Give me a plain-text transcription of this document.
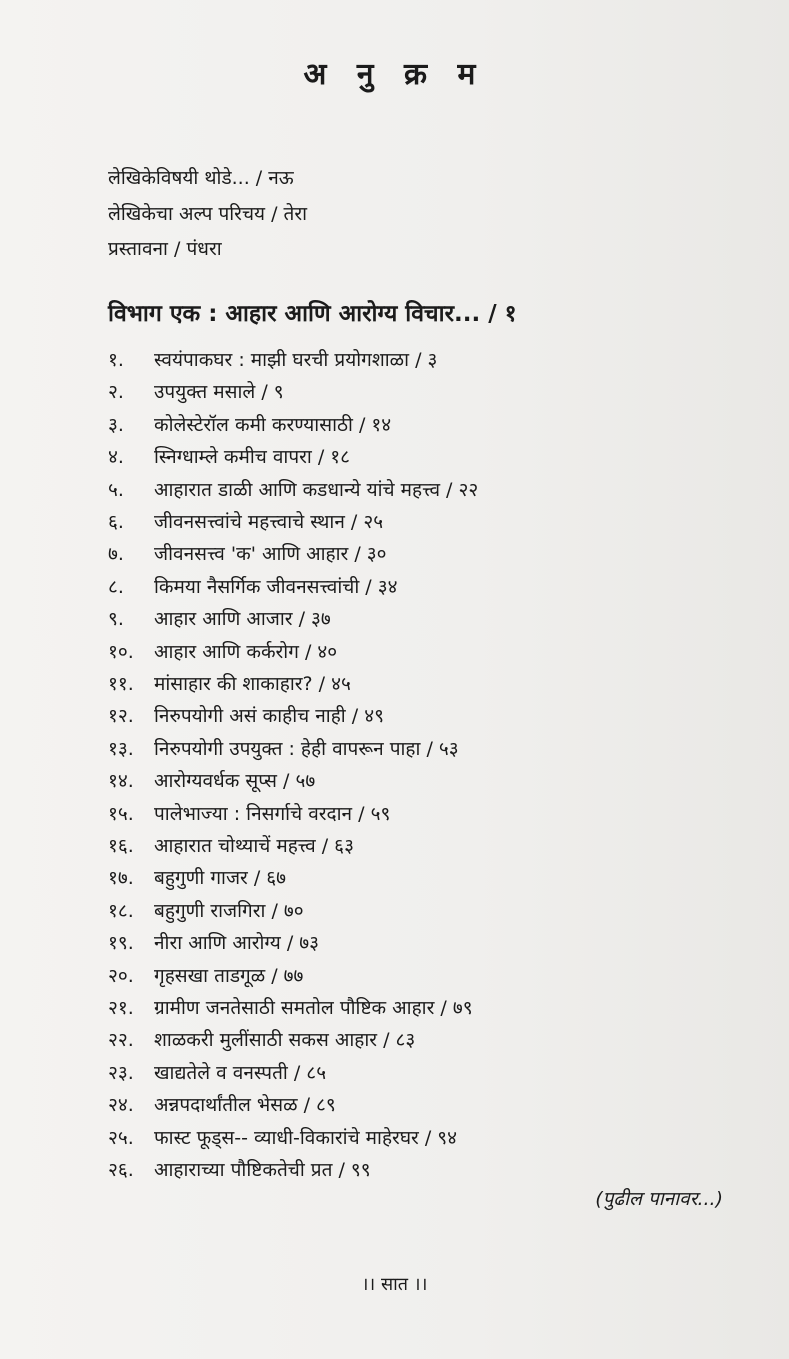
अ नु क्र म
लेखिकेविषयी थोडे... / नऊ
लेखिकेचा अल्प परिचय / तेरा
प्रस्तावना / पंधरा
विभाग एक : आहार आणि आरोग्य विचार... / १
१.	स्वयंपाकघर : माझी घरची प्रयोगशाळा / ३
२.	उपयुक्त मसाले / ९
३.	कोलेस्टेरॉल कमी करण्यासाठी / १४
४.	स्निग्धाम्ले कमीच वापरा / १८
५.	आहारात डाळी आणि कडधान्ये यांचे महत्त्व / २२
६.	जीवनसत्त्वांचे महत्त्वाचे स्थान / २५
७.	जीवनसत्त्व 'क' आणि आहार / ३०
८.	किमया नैसर्गिक जीवनसत्त्वांची / ३४
९.	आहार आणि आजार / ३७
१०.	आहार आणि कर्करोग / ४०
११.	मांसाहार की शाकाहार? / ४५
१२.	निरुपयोगी असं काहीच नाही / ४९
१३.	निरुपयोगी उपयुक्त : हेही वापरून पाहा / ५३
१४.	आरोग्यवर्धक सूप्स / ५७
१५.	पालेभाज्या : निसर्गाचे वरदान / ५९
१६.	आहारात चोथ्याचें महत्त्व / ६३
१७.	बहुगुणी गाजर / ६७
१८.	बहुगुणी राजगिरा / ७०
१९.	नीरा आणि आरोग्य / ७३
२०.	गृहसखा ताडगूळ / ७७
२१.	ग्रामीण जनतेसाठी समतोल पौष्टिक आहार / ७९
२२.	शाळकरी मुलींसाठी सकस आहार / ८३
२३.	खाद्यतेले व वनस्पती / ८५
२४.	अन्नपदार्थांतील भेसळ / ८९
२५.	फास्ट फूड्स-- व्याधी-विकारांचे माहेरघर / ९४
२६.	आहाराच्या पौष्टिकतेची प्रत / ९९
(पुढील पानावर...)
।। सात ।।
